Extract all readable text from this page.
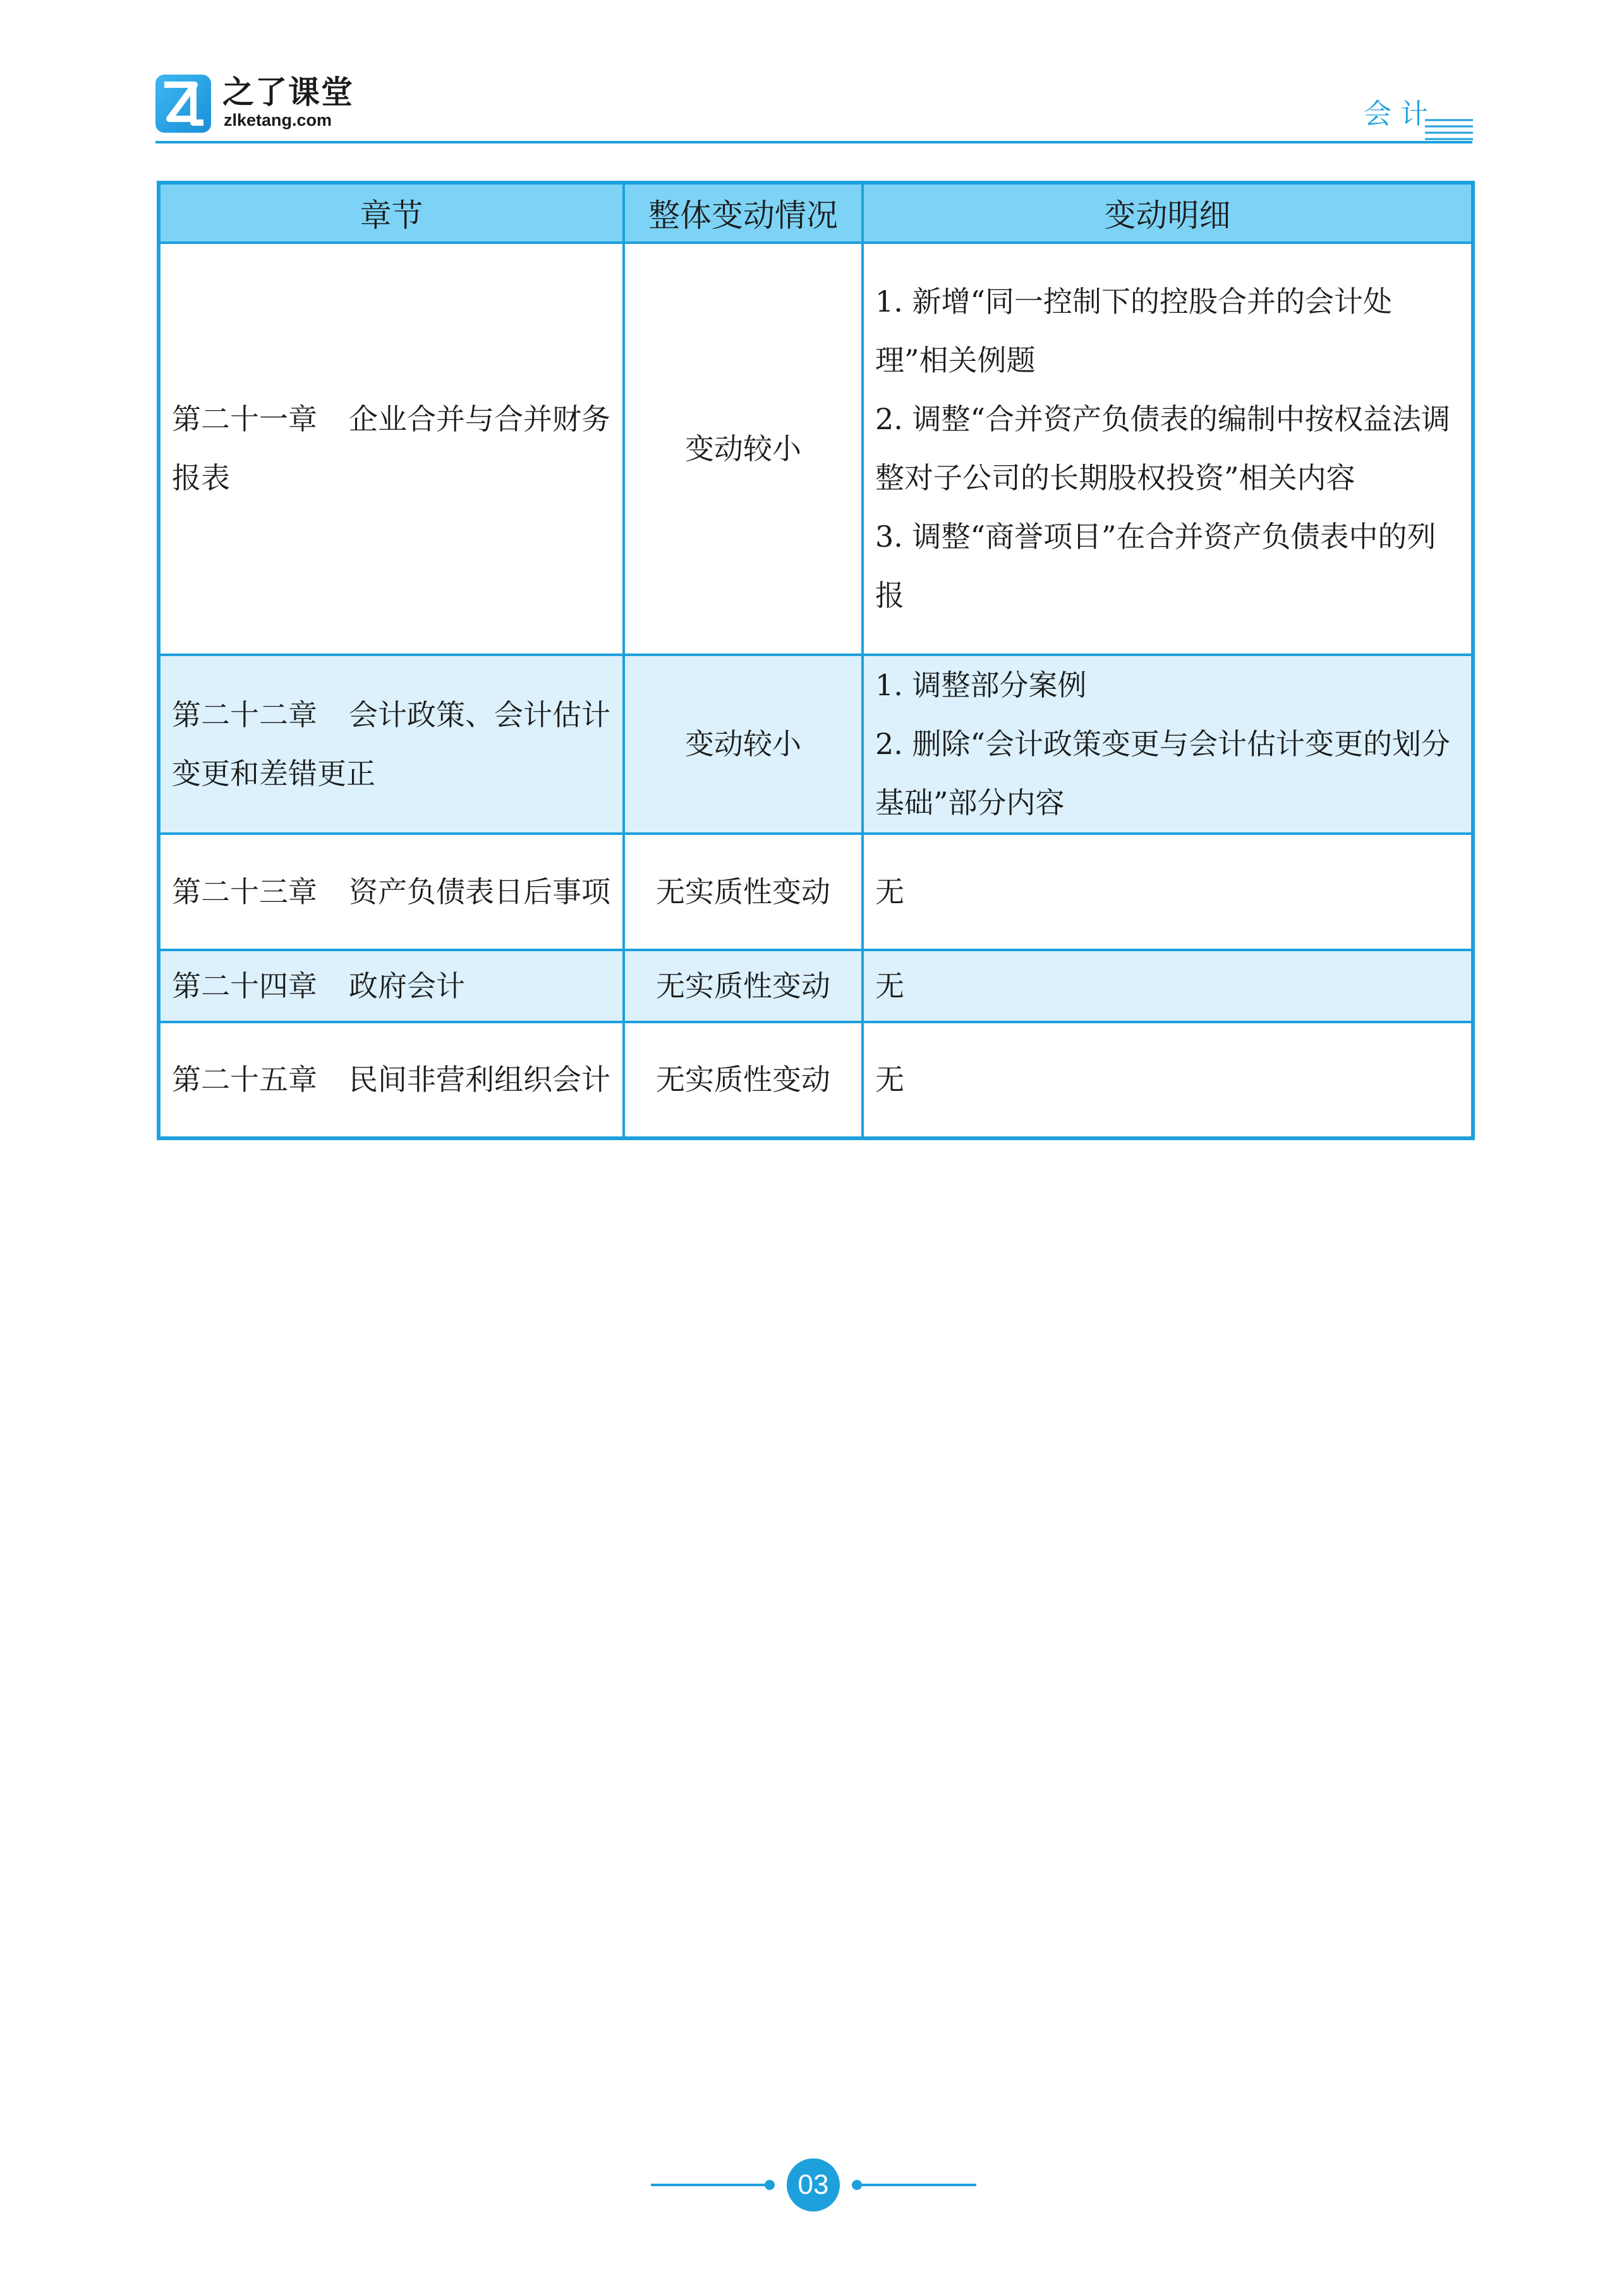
之了课堂
zlketang.com	会计
章节	整体变动情况	变动明细
第二十一章 企业合并与合并财务报表	变动较小	1. 新增“同一控制下的控股合并的会计处理”相关例题
2. 调整“合并资产负债表的编制中按权益法调整对子公司的长期股权投资”相关内容
3. 调整“商誉项目”在合并资产负债表中的列报

第二十二章 会计政策、会计估计变更和差错更正	变动较小	1. 调整部分案例
2. 删除“会计政策变更与会计估计变更的划分基础”部分内容

第二十三章 资产负债表日后事项	无实质性变动	无

第二十四章 政府会计	无实质性变动	无

第二十五章 民间非营利组织会计	无实质性变动	无
03
